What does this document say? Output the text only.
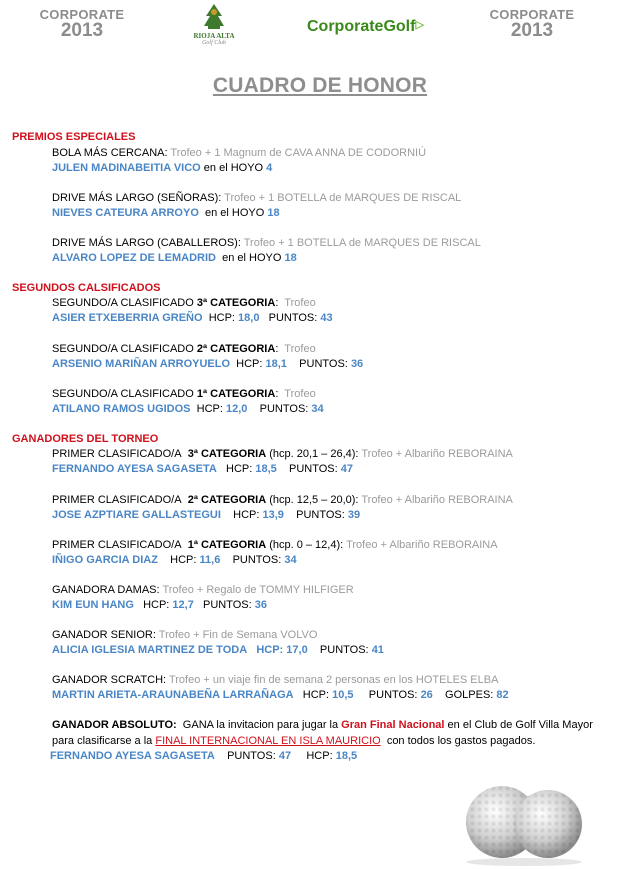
CORPORATE
2013	RIOJA ALTA
Golf Club
CorporateGolf▷
CORPORATE
2013
CUADRO DE HONOR
PREMIOS ESPECIALES
BOLA MÁS CERCANA: Trofeo + 1 Magnum de CAVA ANNA DE CODORNIÚ
JULEN MADINABEITIA VICO en el HOYO 4
DRIVE MÁS LARGO (SEÑORAS): Trofeo + 1 BOTELLA de MARQUES DE RISCAL
NIEVES CATEURA ARROYO en el HOYO 18
DRIVE MÁS LARGO (CABALLEROS): Trofeo + 1 BOTELLA de MARQUES DE RISCAL
ALVARO LOPEZ DE LEMADRID en el HOYO 18
SEGUNDOS CALSIFICADOS
SEGUNDO/A CLASIFICADO 3ª CATEGORIA:  Trofeo
ASIER ETXEBERRIA GREÑO HCP: 18,0 PUNTOS: 43
SEGUNDO/A CLASIFICADO 2ª CATEGORIA:  Trofeo
ARSENIO MARIÑAN ARROYUELO HCP: 18,1 PUNTOS: 36
SEGUNDO/A CLASIFICADO 1ª CATEGORIA:  Trofeo
ATILANO RAMOS UGIDOS HCP: 12,0 PUNTOS: 34
GANADORES DEL TORNEO
PRIMER CLASIFICADO/A 3ª CATEGORIA (hcp. 20,1 – 26,4): Trofeo + Albariño REBORAINA
FERNANDO AYESA SAGASETA HCP: 18,5 PUNTOS: 47
PRIMER CLASIFICADO/A 2ª CATEGORIA (hcp. 12,5 – 20,0): Trofeo + Albariño REBORAINA
JOSE AZPTIARE GALLASTEGUI HCP: 13,9 PUNTOS: 39
PRIMER CLASIFICADO/A 1ª CATEGORIA (hcp. 0 – 12,4): Trofeo + Albariño REBORAINA
IÑIGO GARCIA DIAZ HCP: 11,6 PUNTOS: 34
GANADORA DAMAS: Trofeo + Regalo de TOMMY HILFIGER
KIM EUN HANG HCP: 12,7 PUNTOS: 36
GANADOR SENIOR: Trofeo + Fin de Semana VOLVO
ALICIA IGLESIA MARTINEZ DE TODA HCP: 17,0 PUNTOS: 41
GANADOR SCRATCH: Trofeo + un viaje fin de semana 2 personas en los HOTELES ELBA
MARTIN ARIETA-ARAUNABEÑA LARRAÑAGA HCP: 10,5 PUNTOS: 26 GOLPES: 82
GANADOR ABSOLUTO: GANA la invitacion para jugar la Gran Final Nacional en el Club de Golf Villa Mayor
para clasificarse a la FINAL INTERNACIONAL EN ISLA MAURICIO con todos los gastos pagados.
FERNANDO AYESA SAGASETA PUNTOS: 47 HCP: 18,5
